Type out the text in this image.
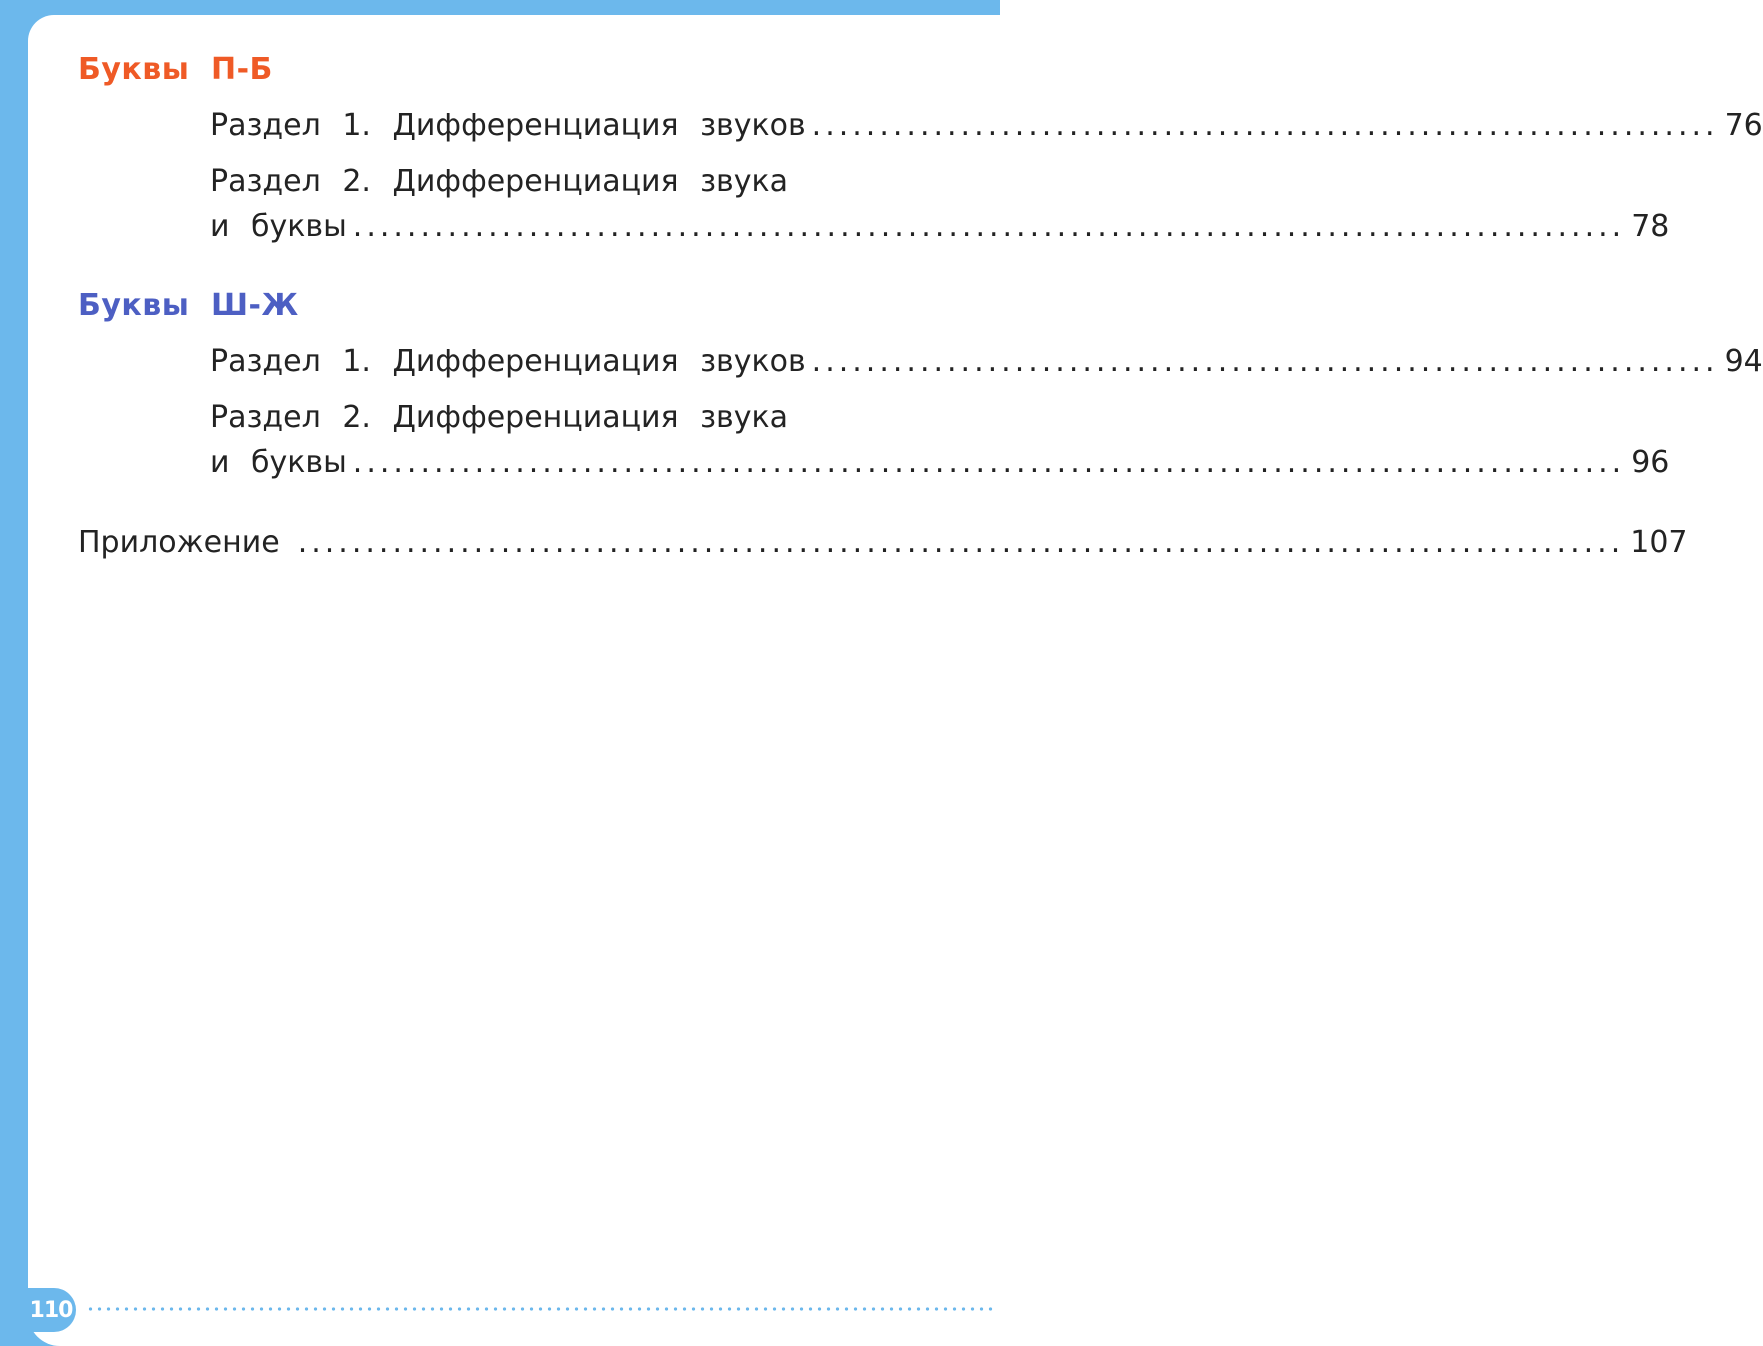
Буквы П-Б
Раздел 1. Дифференциация звуков ................................................................... 76
Раздел 2. Дифференциация звука
и буквы .............................................................................................. 78
Буквы Ш-Ж
Раздел 1. Дифференциация звуков ................................................................... 94
Раздел 2. Дифференциация звука
и буквы .............................................................................................. 96
Приложение .................................................................................................. 107
110
